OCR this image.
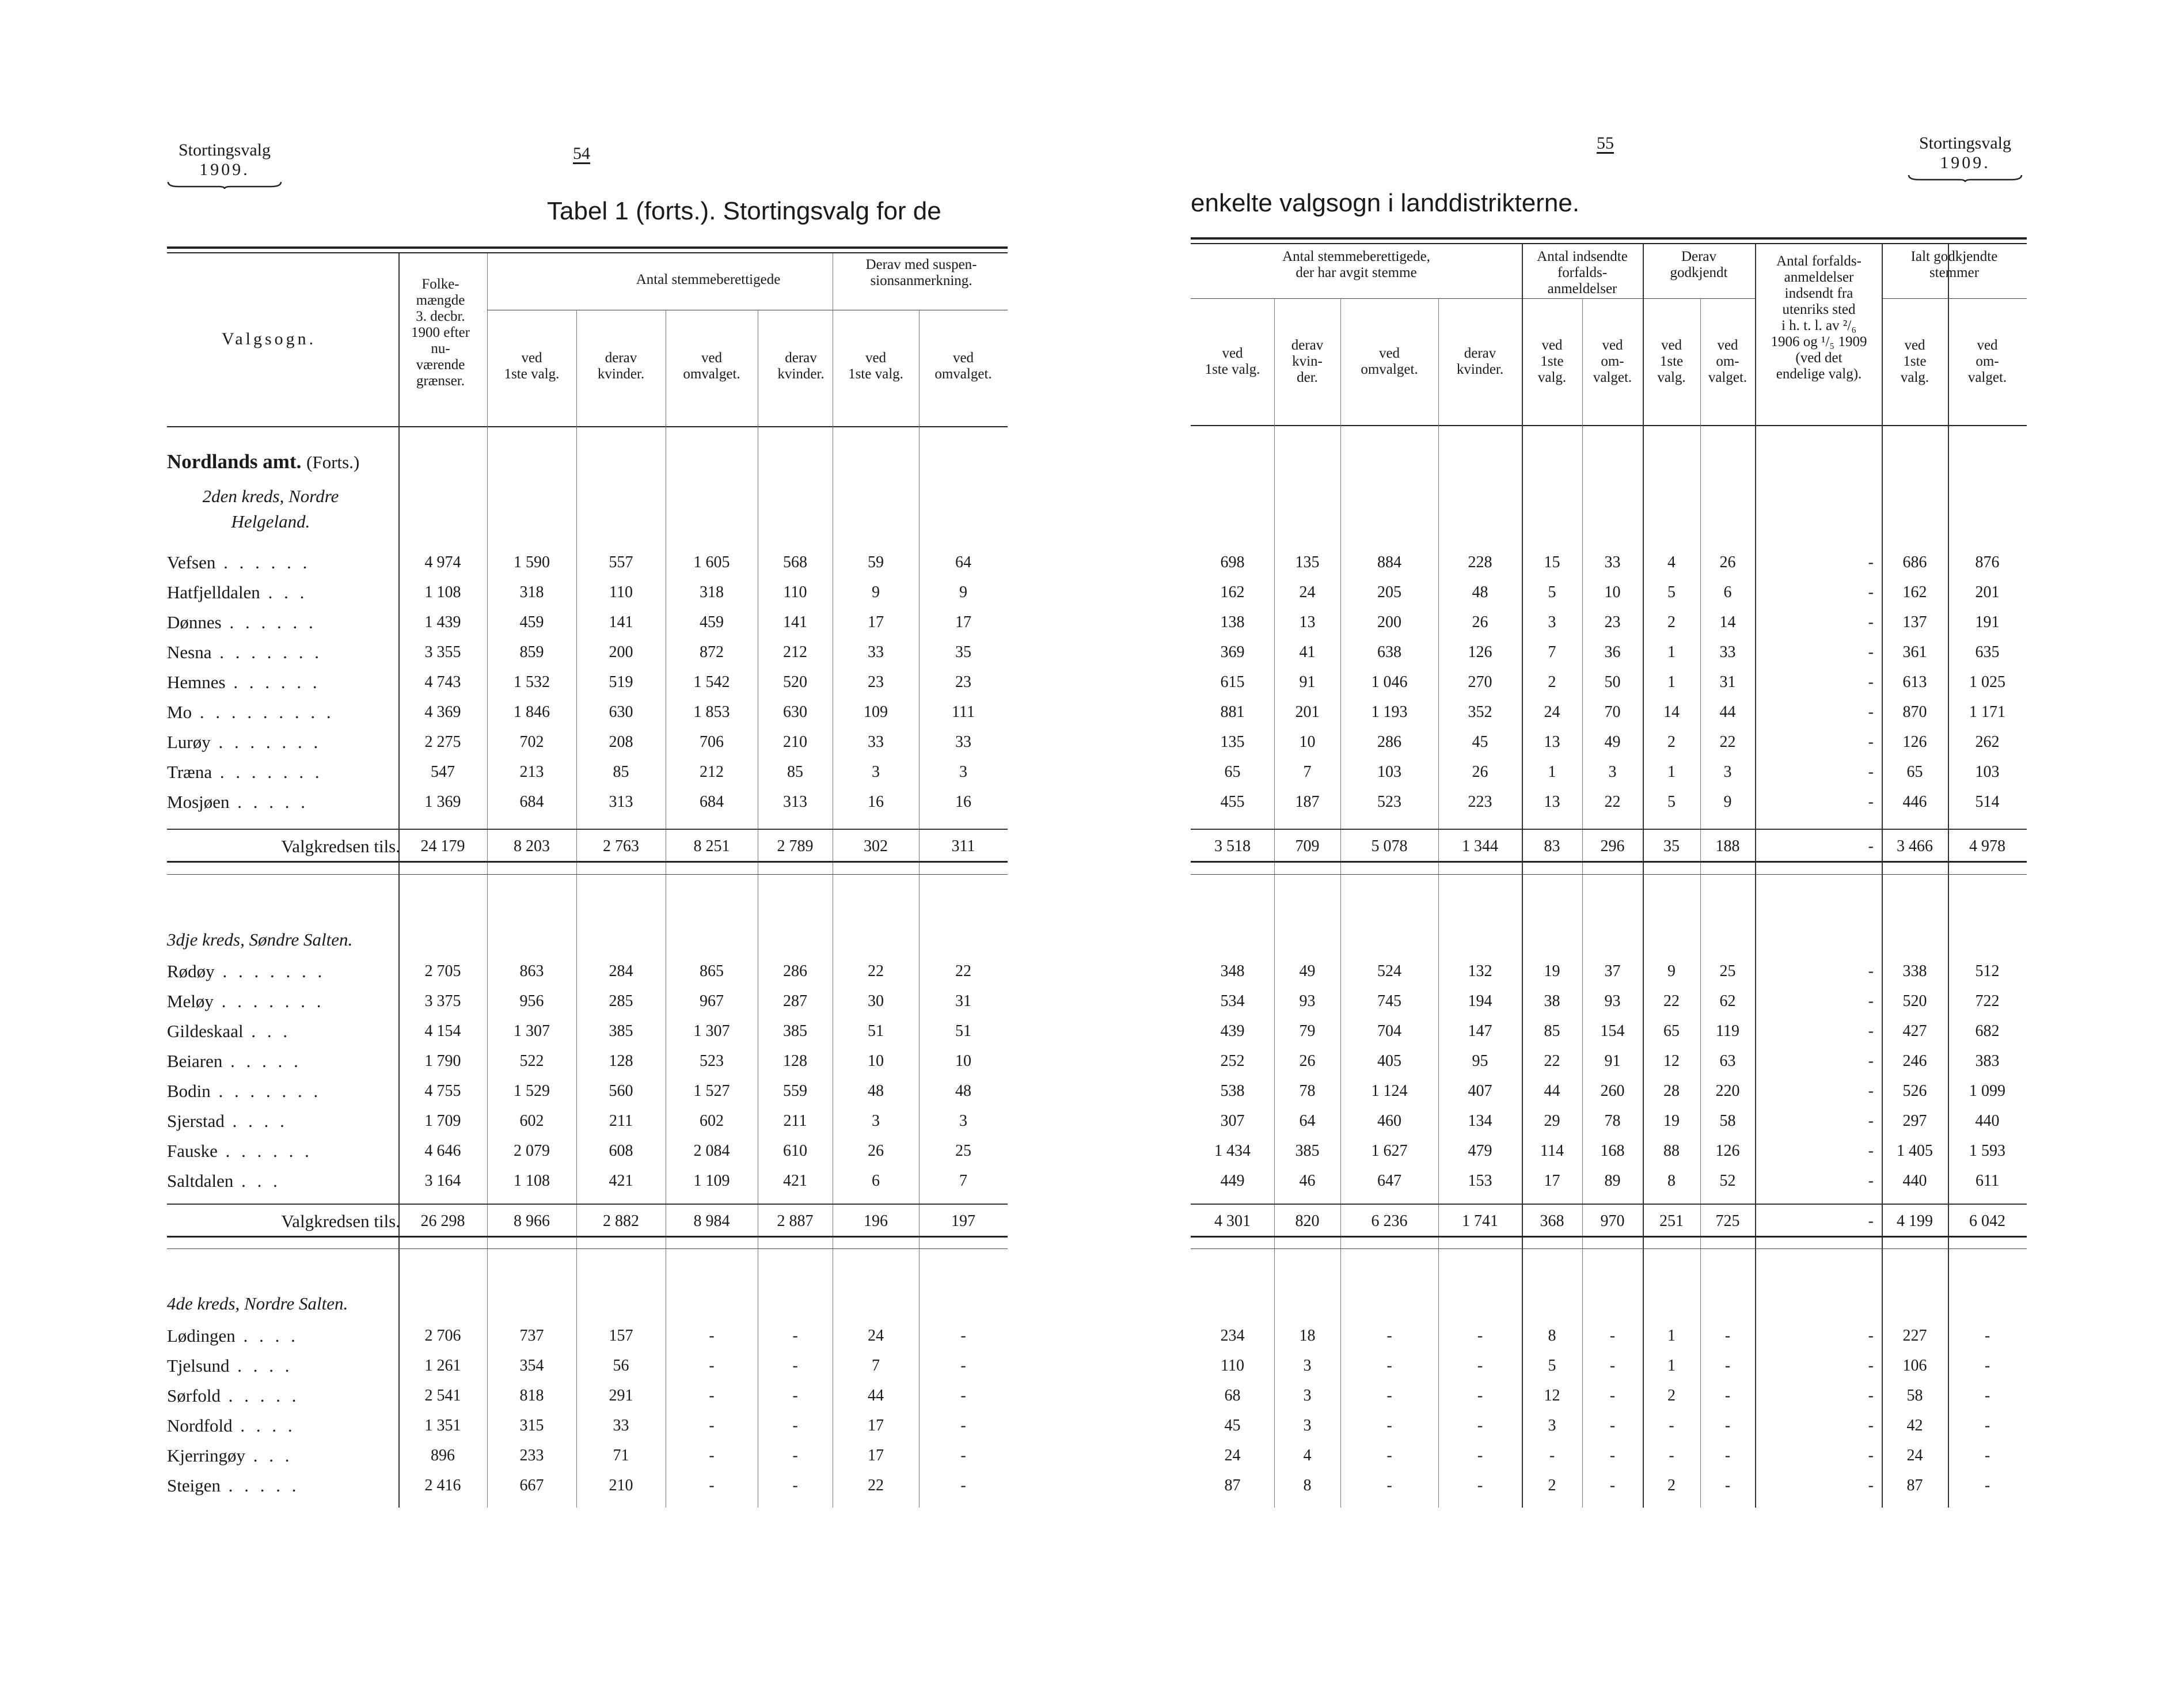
Stortingsvalg
1909.
54
Tabel 1 (forts.). Stortingsvalg for de
Valgsogn.
Folke-
mængde
3. decbr.
1900 efter
nu-
værende
grænser.
Antal stemmeberettigede
Derav med suspen-
sionsanmerkning.
ved
1ste valg.
derav
kvinder.
ved
omvalget.
derav
kvinder.
ved
1ste valg.
ved
omvalget.
Nordlands amt. (Forts.)
2den kreds, Nordre Helgeland.
Vefsen . . . . . .	4 974	1 590	557	1 605	568	59	64
Hatfjelldalen . . .	1 108	318	110	318	110	9	9
Dønnes . . . . . .	1 439	459	141	459	141	17	17
Nesna . . . . . . .	3 355	859	200	872	212	33	35
Hemnes . . . . . .	4 743	1 532	519	1 542	520	23	23
Mo . . . . . . . . .	4 369	1 846	630	1 853	630	109	111
Lurøy . . . . . . .	2 275	702	208	706	210	33	33
Træna . . . . . . .	547	213	85	212	85	3	3
Mosjøen . . . . .	1 369	684	313	684	313	16	16
Valgkredsen tils.	24 179	8 203	2 763	8 251	2 789	302	311
3dje kreds, Søndre Salten.
Rødøy . . . . . . .	2 705	863	284	865	286	22	22
Meløy . . . . . . .	3 375	956	285	967	287	30	31
Gildeskaal . . .	4 154	1 307	385	1 307	385	51	51
Beiaren . . . . .	1 790	522	128	523	128	10	10
Bodin . . . . . . .	4 755	1 529	560	1 527	559	48	48
Sjerstad . . . .	1 709	602	211	602	211	3	3
Fauske . . . . . .	4 646	2 079	608	2 084	610	26	25
Saltdalen . . .	3 164	1 108	421	1 109	421	6	7
Valgkredsen tils.	26 298	8 966	2 882	8 984	2 887	196	197
4de kreds, Nordre Salten.
Lødingen . . . .	2 706	737	157	-	-	24	-
Tjelsund . . . .	1 261	354	56	-	-	7	-
Sørfold . . . . .	2 541	818	291	-	-	44	-
Nordfold . . . .	1 351	315	33	-	-	17	-
Kjerringøy . . .	896	233	71	-	-	17	-
Steigen . . . . .	2 416	667	210	-	-	22	-
55	Stortingsvalg
1909.
enkelte valgsogn i landdistrikterne.
Antal stemmeberettigede,
der har avgit stemme
Antal indsendte
forfalds-
anmeldelser
Derav
godkjendt
Antal forfalds-
anmeldelser
indsendt fra
utenriks sted
i h. t. l. av ²/₆
1906 og ¹/₅ 1909
(ved det
endelige valg).
Ialt godkjendte
stemmer
ved
1ste valg.
derav
kvin-
der.
ved
omvalget.
derav
kvinder.
ved
1ste
valg.
ved
om-
valget.
ved
1ste
valg.
ved
om-
valget.
ved
1ste
valg.
ved
om-
valget.
698	135	884	228	15	33	4	26	-	686	876
162	24	205	48	5	10	5	6	-	162	201
138	13	200	26	3	23	2	14	-	137	191
369	41	638	126	7	36	1	33	-	361	635
615	91	1 046	270	2	50	1	31	-	613	1 025
881	201	1 193	352	24	70	14	44	-	870	1 171
135	10	286	45	13	49	2	22	-	126	262
65	7	103	26	1	3	1	3	-	65	103
455	187	523	223	13	22	5	9	-	446	514
3 518	709	5 078	1 344	83	296	35	188	-	3 466	4 978
348	49	524	132	19	37	9	25	-	338	512
534	93	745	194	38	93	22	62	-	520	722
439	79	704	147	85	154	65	119	-	427	682
252	26	405	95	22	91	12	63	-	246	383
538	78	1 124	407	44	260	28	220	-	526	1 099
307	64	460	134	29	78	19	58	-	297	440
1 434	385	1 627	479	114	168	88	126	-	1 405	1 593
449	46	647	153	17	89	8	52	-	440	611
4 301	820	6 236	1 741	368	970	251	725	-	4 199	6 042
234	18	-	-	8	-	1	-	-	227	-
110	3	-	-	5	-	1	-	-	106	-
68	3	-	-	12	-	2	-	-	58	-
45	3	-	-	3	-	-	-	-	42	-
24	4	-	-	-	-	-	-	-	24	-
87	8	-	-	2	-	2	-	-	87	-
